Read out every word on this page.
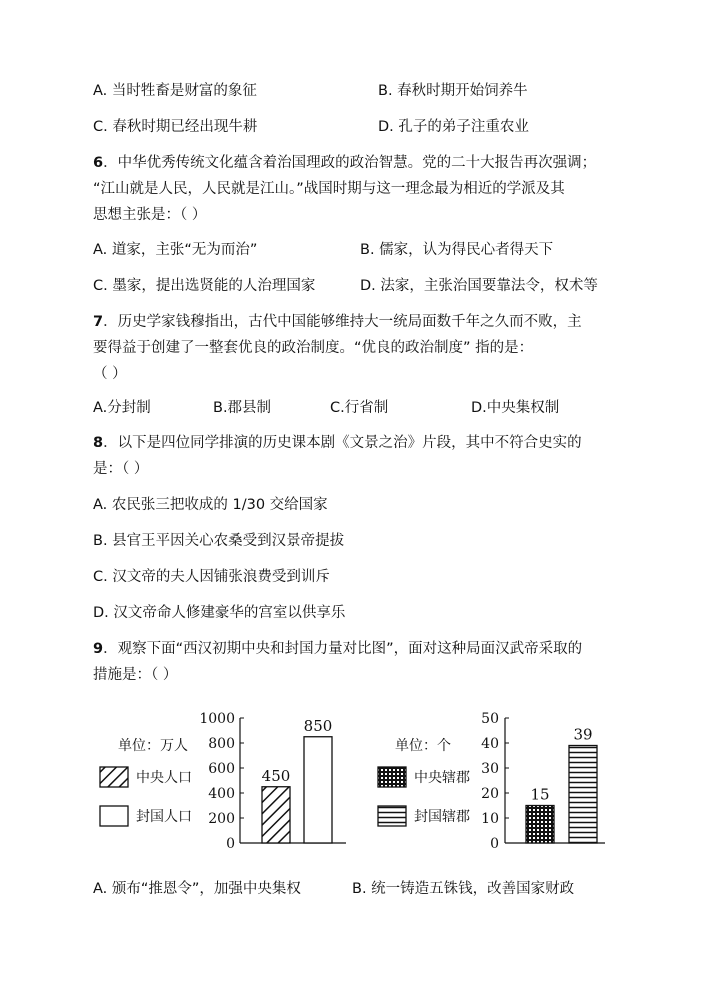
A. 当时牲畜是财富的象征	B. 春秋时期开始饲养牛
C. 春秋时期已经出现牛耕	D. 孔子的弟子注重农业
6．中华优秀传统文化蕴含着治国理政的政治智慧。党的二十大报告再次强调；
“江山就是人民，人民就是江山。”战国时期与这一理念最为相近的学派及其
思想主张是：（ ）
A. 道家，主张“无为而治”	B. 儒家，认为得民心者得天下
C. 墨家，提出选贤能的人治理国家	D. 法家，主张治国要靠法令，权术等
7．历史学家钱穆指出，古代中国能够维持大一统局面数千年之久而不败，主
要得益于创建了一整套优良的政治制度。“优良的政治制度” 指的是：
（ ）
A.分封制	B.郡县制	C.行省制	D.中央集权制
8．以下是四位同学排演的历史课本剧《文景之治》片段，其中不符合史实的
是：（ ）
A. 农民张三把收成的 1/30 交给国家
B. 县官王平因关心农桑受到汉景帝提拔
C. 汉文帝的夫人因铺张浪费受到训斥
D. 汉文帝命人修建豪华的宫室以供享乐
9．观察下面“西汉初期中央和封国力量对比图”，面对这种局面汉武帝采取的
措施是：（ ）
单位：万人
中央人口
封国人口
0
200
400
600
800
1000
450
850
单位：个
中央辖郡
封国辖郡
0
10
20
30
40
50
15
39
A. 颁布“推恩令”，加强中央集权	B. 统一铸造五铢钱，改善国家财政
